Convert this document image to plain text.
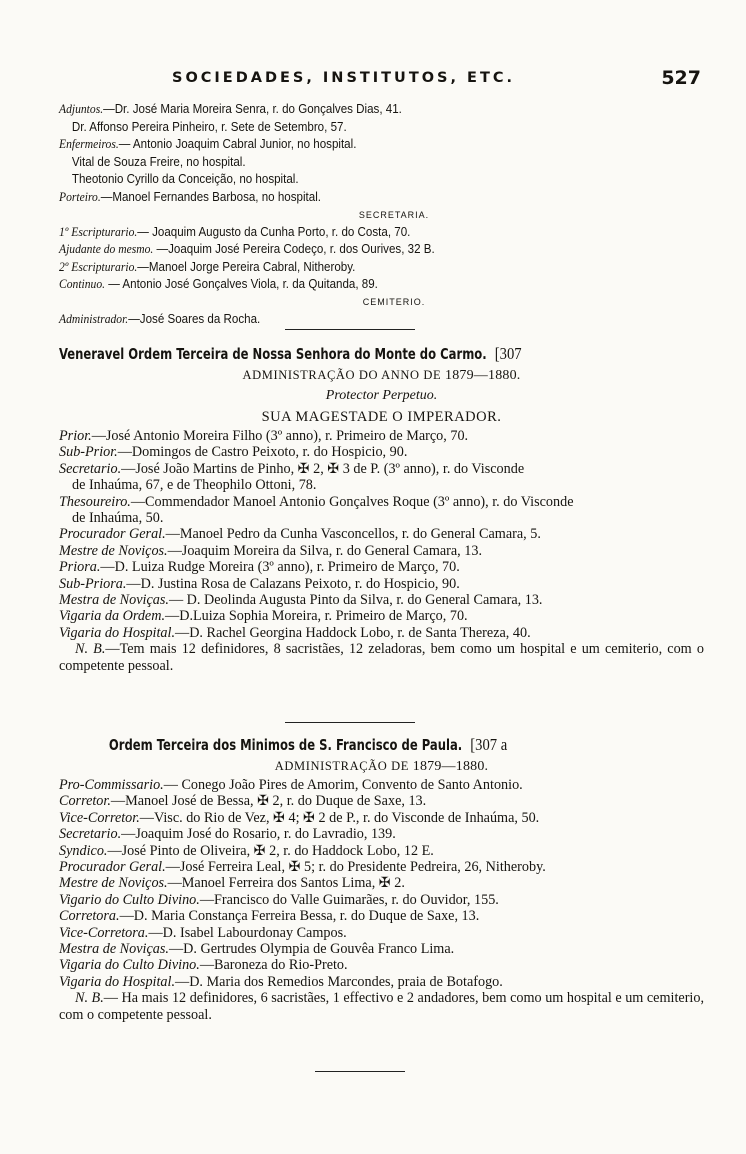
SOCIEDADES, INSTITUTOS, ETC.	527
Adjuntos.—Dr. José Maria Moreira Senra, r. do Gonçalves Dias, 41.
Dr. Affonso Pereira Pinheiro, r. Sete de Setembro, 57.
Enfermeiros.— Antonio Joaquim Cabral Junior, no hospital.
Vital de Souza Freire, no hospital.
Theotonio Cyrillo da Conceição, no hospital.
Porteiro.—Manoel Fernandes Barbosa, no hospital.
SECRETARIA.
1º Escripturario.— Joaquim Augusto da Cunha Porto, r. do Costa, 70.
Ajudante do mesmo. —Joaquim José Pereira Codeço, r. dos Ourives, 32 B.
2º Escripturario.—Manoel Jorge Pereira Cabral, Nitheroby.
Continuo. — Antonio José Gonçalves Viola, r. da Quitanda, 89.
CEMITERIO.
Administrador.—José Soares da Rocha.
Veneravel Ordem Terceira de Nossa Senhora do Monte do Carmo. [307
ADMINISTRAÇÃO DO ANNO DE 1879—1880.
Protector Perpetuo.
SUA MAGESTADE O IMPERADOR.
Prior.—José Antonio Moreira Filho (3º anno), r. Primeiro de Março, 70.
Sub-Prior.—Domingos de Castro Peixoto, r. do Hospicio, 90.
Secretario.—José João Martins de Pinho, ✠ 2, ✠ 3 de P. (3º anno), r. do Visconde
de Inhaúma, 67, e de Theophilo Ottoni, 78.
Thesoureiro.—Commendador Manoel Antonio Gonçalves Roque (3º anno), r. do Visconde
de Inhaúma, 50.
Procurador Geral.—Manoel Pedro da Cunha Vasconcellos, r. do General Camara, 5.
Mestre de Noviços.—Joaquim Moreira da Silva, r. do General Camara, 13.
Priora.—D. Luiza Rudge Moreira (3º anno), r. Primeiro de Março, 70.
Sub-Priora.—D. Justina Rosa de Calazans Peixoto, r. do Hospicio, 90.
Mestra de Noviças.— D. Deolinda Augusta Pinto da Silva, r. do General Camara, 13.
Vigaria da Ordem.—D.Luiza Sophia Moreira, r. Primeiro de Março, 70.
Vigaria do Hospital.—D. Rachel Georgina Haddock Lobo, r. de Santa Thereza, 40.
N. B.—Tem mais 12 definidores, 8 sacristães, 12 zeladoras, bem como um hospital e um cemiterio, com o competente pessoal.
Ordem Terceira dos Minimos de S. Francisco de Paula. [307 a
ADMINISTRAÇÃO DE 1879—1880.
Pro-Commissario.— Conego João Pires de Amorim, Convento de Santo Antonio.
Corretor.—Manoel José de Bessa, ✠ 2, r. do Duque de Saxe, 13.
Vice-Corretor.—Visc. do Rio de Vez, ✠ 4; ✠ 2 de P., r. do Visconde de Inhaúma, 50.
Secretario.—Joaquim José do Rosario, r. do Lavradio, 139.
Syndico.—José Pinto de Oliveira, ✠ 2, r. do Haddock Lobo, 12 E.
Procurador Geral.—José Ferreira Leal, ✠ 5; r. do Presidente Pedreira, 26, Nitheroby.
Mestre de Noviços.—Manoel Ferreira dos Santos Lima, ✠ 2.
Vigario do Culto Divino.—Francisco do Valle Guimarães, r. do Ouvidor, 155.
Corretora.—D. Maria Constança Ferreira Bessa, r. do Duque de Saxe, 13.
Vice-Corretora.—D. Isabel Labourdonay Campos.
Mestra de Noviças.—D. Gertrudes Olympia de Gouvêa Franco Lima.
Vigaria do Culto Divino.—Baroneza do Rio-Preto.
Vigaria do Hospital.—D. Maria dos Remedios Marcondes, praia de Botafogo.
N. B.— Ha mais 12 definidores, 6 sacristães, 1 effectivo e 2 andadores, bem como um hospital e um cemiterio, com o competente pessoal.
